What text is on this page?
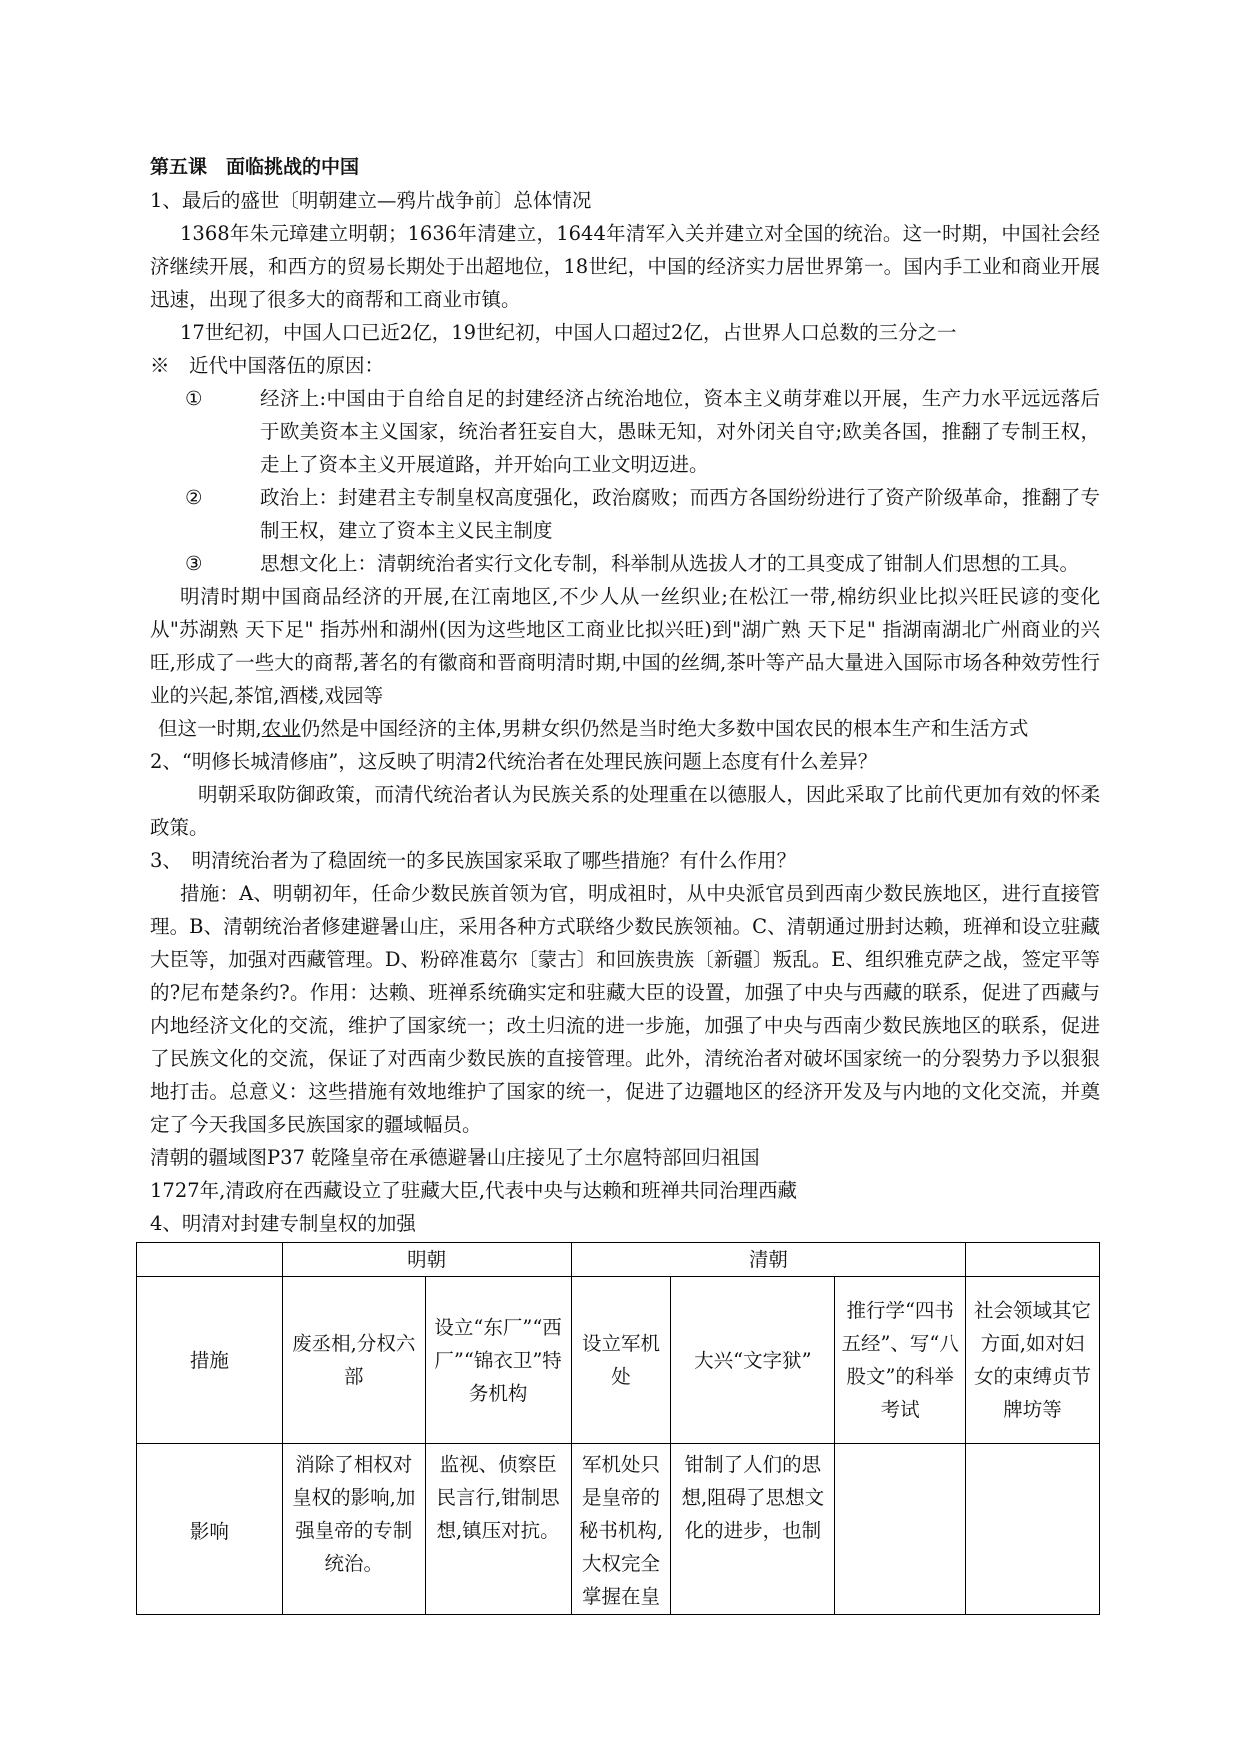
第五课　面临挑战的中国

1、最后的盛世〔明朝建立—鸦片战争前〕总体情况

1368年朱元璋建立明朝；1636年清建立，1644年清军入关并建立对全国的统治。这一时期，中国社会经济继续开展，和西方的贸易长期处于出超地位，18世纪，中国的经济实力居世界第一。国内手工业和商业开展迅速，出现了很多大的商帮和工商业市镇。

17世纪初，中国人口已近2亿，19世纪初，中国人口超过2亿，占世界人口总数的三分之一

※　近代中国落伍的原因：

①	经济上:中国由于自给自足的封建经济占统治地位，资本主义萌芽难以开展，生产力水平远远落后于欧美资本主义国家，统治者狂妄自大，愚昧无知，对外闭关自守;欧美各国，推翻了专制王权，走上了资本主义开展道路，并开始向工业文明迈进。
②	政治上：封建君主专制皇权高度强化，政治腐败；而西方各国纷纷进行了资产阶级革命，推翻了专制王权，建立了资本主义民主制度
③	思想文化上：清朝统治者实行文化专制，科举制从选拔人才的工具变成了钳制人们思想的工具。

明清时期中国商品经济的开展,在江南地区,不少人从一丝织业;在松江一带,棉纺织业比拟兴旺民谚的变化 从"苏湖熟 天下足" 指苏州和湖州(因为这些地区工商业比拟兴旺)到"湖广熟 天下足" 指湖南湖北广州商业的兴旺,形成了一些大的商帮,著名的有徽商和晋商明清时期,中国的丝绸,茶叶等产品大量进入国际市场各种效劳性行业的兴起,茶馆,酒楼,戏园等

但这一时期,农业仍然是中国经济的主体,男耕女织仍然是当时绝大多数中国农民的根本生产和生活方式

2、“明修长城清修庙”，这反映了明清2代统治者在处理民族问题上态度有什么差异？

明朝采取防御政策，而清代统治者认为民族关系的处理重在以德服人，因此采取了比前代更加有效的怀柔政策。

3、　明清统治者为了稳固统一的多民族国家采取了哪些措施？有什么作用？

措施：A、明朝初年，任命少数民族首领为官，明成祖时，从中央派官员到西南少数民族地区，进行直接管理。B、清朝统治者修建避暑山庄，采用各种方式联络少数民族领袖。C、清朝通过册封达赖，班禅和设立驻藏大臣等，加强对西藏管理。D、粉碎准葛尔〔蒙古〕和回族贵族〔新疆〕叛乱。E、组织雅克萨之战，签定平等的?尼布楚条约?。作用：达赖、班禅系统确实定和驻藏大臣的设置，加强了中央与西藏的联系，促进了西藏与内地经济文化的交流，维护了国家统一；改土归流的进一步施，加强了中央与西南少数民族地区的联系，促进了民族文化的交流，保证了对西南少数民族的直接管理。此外，清统治者对破坏国家统一的分裂势力予以狠狠地打击。总意义：这些措施有效地维护了国家的统一，促进了边疆地区的经济开发及与内地的文化交流，并奠定了今天我国多民族国家的疆域幅员。

清朝的疆域图P37 乾隆皇帝在承德避暑山庄接见了土尔扈特部回归祖国

1727年,清政府在西藏设立了驻藏大臣,代表中央与达赖和班禅共同治理西藏

4、明清对封建专制皇权的加强

	明朝		清朝			
措施	废丞相,分权六部	设立“东厂”“西厂”“锦衣卫”特务机构	设立军机处	大兴“文字狱”	推行学“四书五经”、写“八股文”的科举考试	社会领域其它方面,如对妇女的束缚贞节牌坊等
影响	消除了相权对皇权的影响,加强皇帝的专制统治。	监视、侦察臣民言行,钳制思想,镇压对抗。	军机处只是皇帝的秘书机构,大权完全掌握在皇	钳制了人们的思想,阻碍了思想文化的进步，也制		
